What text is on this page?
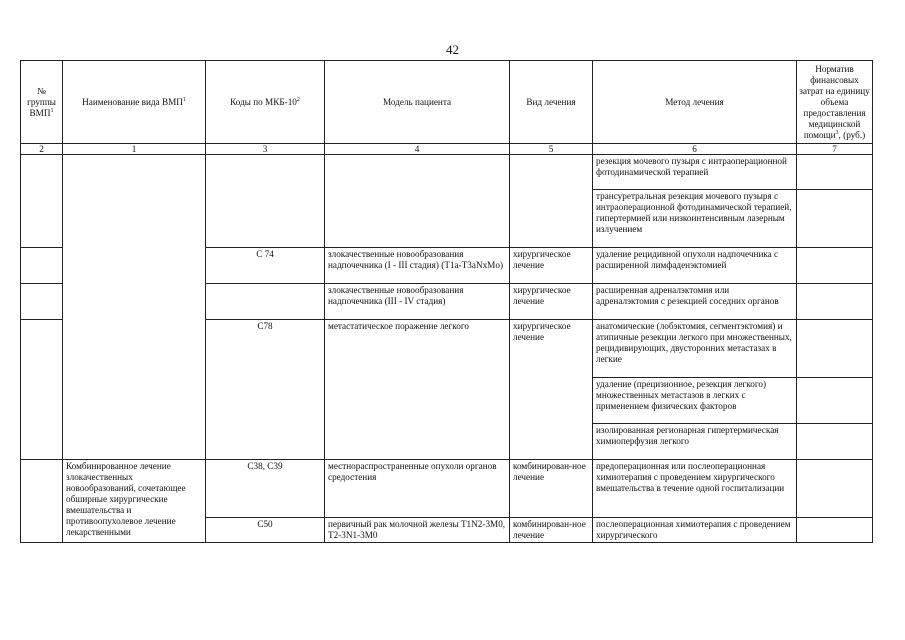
42
№ группы ВМП$^1$	Наименование вида ВМП$^1$	Коды по МКБ-$10^2$	Модель пациента	Вид лечения	Метод лечения	Норматив финансовых затрат на единицу объема предоставления медицинской помощи$^3$, (руб.)
2	1	3	4	5	6	7
					резекция мочевого пузыря с интраоперационной фотодинамической терапией	
					трансуретральная резекция мочевого пузыря с интраоперационной фотодинамической терапией, гипертермией или низкоинтенсивным лазерным излучением	
		C 74	злокачественные новообразования надпочечника (I - III стадия) (T1a-T3aNxMo)	хирургическое лечение	удаление рецидивной опухоли надпочечника с расширенной лимфаденэктомией	
			злокачественные новообразования надпочечника (III - IV стадия)	хирургическое лечение	расширенная адреналэктомия или адреналэктомия с резекцией соседних органов	
		C78	метастатическое поражение легкого	хирургическое лечение	анатомические (лобэктомия, сегментэктомия) и атипичные резекции легкого при множественных, рецидивирующих, двусторонних метастазах в легкие	
					удаление (прецизионное, резекция легкого) множественных метастазов в легких с применением физических факторов	
					изолированная регионарная гипертермическая химиоперфузия легкого	

	Комбинированное лечение злокачественных новообразований, сочетающее обширные хирургические вмешательства и противоопухолевое лечение лекарственными	C38, C39	местнораспространенные опухоли органов средостения	комбинирован-ное лечение	предоперационная или послеоперационная химиотерапия с проведением хирургического вмешательства в течение одной госпитализации	

		C50	первичный рак молочной железы T1N2-3M0, T2-3N1-3M0	комбинирован-ное лечение	послеоперационная химиотерапия с проведением хирургического	
